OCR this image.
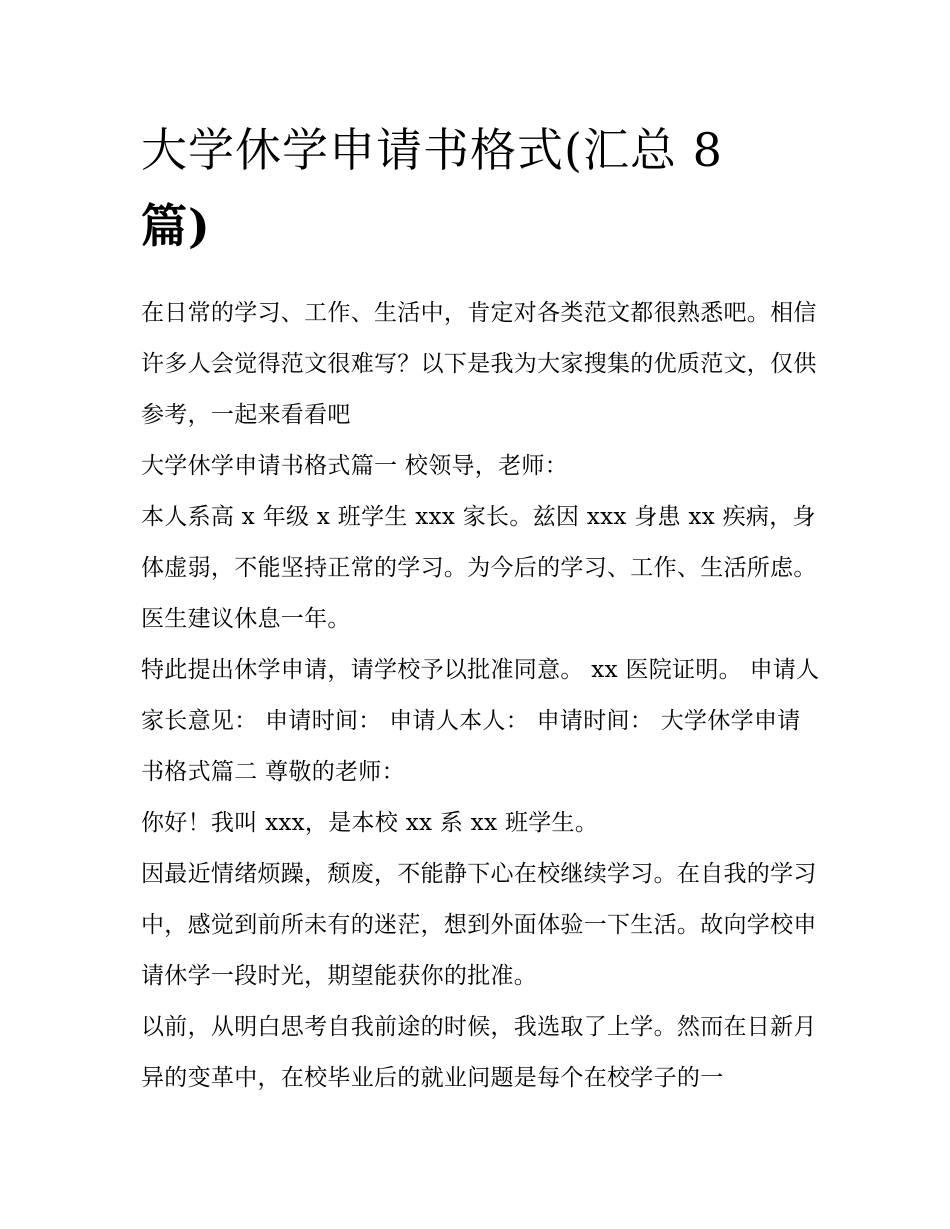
大学休学申请书格式(汇总 8
篇)

在日常的学习、工作、生活中，肯定对各类范文都很熟悉吧。相信许多人会觉得范文很难写？以下是我为大家搜集的优质范文，仅供参考，一起来看看吧

大学休学申请书格式篇一 校领导，老师：

本人系高 x 年级 x 班学生 xxx 家长。兹因 xxx 身患 xx 疾病，身体虚弱，不能坚持正常的学习。为今后的学习、工作、生活所虑。医生建议休息一年。

特此提出休学申请，请学校予以批准同意。 xx 医院证明。 申请人家长意见： 申请时间： 申请人本人： 申请时间： 大学休学申请书格式篇二 尊敬的老师：

你好！我叫 xxx，是本校 xx 系 xx 班学生。

因最近情绪烦躁，颓废，不能静下心在校继续学习。在自我的学习中，感觉到前所未有的迷茫，想到外面体验一下生活。故向学校申请休学一段时光，期望能获你的批准。

以前，从明白思考自我前途的时候，我选取了上学。然而在日新月异的变革中，在校毕业后的就业问题是每个在校学子的一
